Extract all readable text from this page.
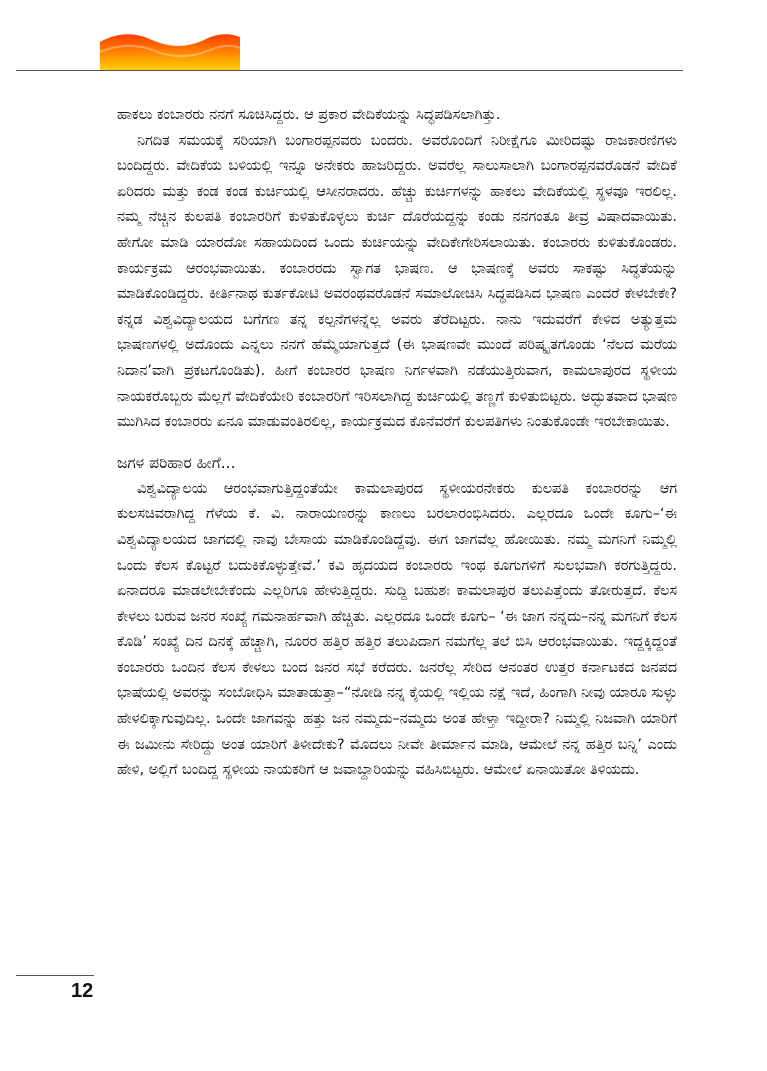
ಹಾಕಲು ಕಂಬಾರರು ನನಗೆ ಸೂಚಿಸಿದ್ದರು. ಆ ಪ್ರಕಾರ ವೇದಿಕೆಯನ್ನು ಸಿದ್ಧಪಡಿಸಲಾಗಿತ್ತು.

ನಿಗದಿತ ಸಮಯಕ್ಕೆ ಸರಿಯಾಗಿ ಬಂಗಾರಪ್ಪನವರು ಬಂದರು. ಅವರೊಂದಿಗೆ ನಿರೀಕ್ಷೆಗೂ ಮೀರಿದಷ್ಟು ರಾಜಕಾರಣಿಗಳು ಬಂದಿದ್ದರು. ವೇದಿಕೆಯ ಬಳಿಯಲ್ಲಿ ಇನ್ನೂ ಅನೇಕರು ಹಾಜರಿದ್ದರು. ಅವರೆಲ್ಲ ಸಾಲುಸಾಲಾಗಿ ಬಂಗಾರಪ್ಪನವರೊಡನೆ ವೇದಿಕೆ ಏರಿದರು ಮತ್ತು ಕಂಡ ಕಂಡ ಕುರ್ಚಿಯಲ್ಲಿ ಆಸೀನರಾದರು. ಹೆಚ್ಚು ಕುರ್ಚಿಗಳನ್ನು ಹಾಕಲು ವೇದಿಕೆಯಲ್ಲಿ ಸ್ಥಳವೂ ಇರಲಿಲ್ಲ. ನಮ್ಮ ನೆಚ್ಚಿನ ಕುಲಪತಿ ಕಂಬಾರರಿಗೆ ಕುಳಿತುಕೊಳ್ಳಲು ಕುರ್ಚಿ ದೊರೆಯದ್ದನ್ನು ಕಂಡು ನನಗಂತೂ ತೀವ್ರ ವಿಷಾದವಾಯಿತು. ಹೇಗೋ ಮಾಡಿ ಯಾರದೋ ಸಹಾಯದಿಂದ ಒಂದು ಕುರ್ಚಿಯನ್ನು ವೇದಿಕೇಗೇರಿಸಲಾಯಿತು. ಕಂಬಾರರು ಕುಳಿತುಕೊಂಡರು. ಕಾರ್ಯಕ್ರಮ ಆರಂಭವಾಯಿತು. ಕಂಬಾರರದು ಸ್ವಾಗತ ಭಾಷಣ. ಆ ಭಾಷಣಕ್ಕೆ ಅವರು ಸಾಕಷ್ಟು ಸಿದ್ಧತೆಯನ್ನು ಮಾಡಿಕೊಂಡಿದ್ದರು. ಕೀರ್ತಿನಾಥ ಕುರ್ತಕೋಟಿ ಅವರಂಥವರೊಡನೆ ಸಮಾಲೋಚಿಸಿ ಸಿದ್ಧಪಡಿಸಿದ ಭಾಷಣ ಎಂದರೆ ಕೇಳಬೇಕೇ? ಕನ್ನಡ ವಿಶ್ವವಿದ್ಯಾಲಯದ ಬಗೆಗಣ ತನ್ನ ಕಲ್ಪನೆಗಳನ್ನೆಲ್ಲ ಅವರು ತೆರೆದಿಟ್ಟರು. ನಾನು ಇದುವರೆಗೆ ಕೇಳಿದ ಅತ್ಯುತ್ತಮ ಭಾಷಣಗಳಲ್ಲಿ ಅದೊಂದು ಎನ್ನಲು ನನಗೆ ಹೆಮ್ಮೆಯಾಗುತ್ತದೆ (ಈ ಭಾಷಣವೇ ಮುಂದೆ ಪರಿಷ್ಕೃತಗೊಂಡು ‘ನೆಲದ ಮರೆಯ ನಿದಾನ’ವಾಗಿ ಪ್ರಕಟಗೊಂಡಿತು). ಹೀಗೆ ಕಂಬಾರರ ಭಾಷಣ ನಿರ್ಗಳವಾಗಿ ನಡೆಯುತ್ತಿರುವಾಗ, ಕಾಮಲಾಪುರದ ಸ್ಥಳೀಯ ನಾಯಕರೊಬ್ಬರು ಮೆಲ್ಲಗೆ ವೇದಿಕೆಯೇರಿ ಕಂಬಾರರಿಗೆ ಇರಿಸಲಾಗಿದ್ದ ಕುರ್ಚಿಯಲ್ಲಿ ತಣ್ಣಗೆ ಕುಳಿತುಬಿಟ್ಟರು. ಅದ್ಭುತವಾದ ಭಾಷಣ ಮುಗಿಸಿದ ಕಂಬಾರರು ಏನೂ ಮಾಡುವಂತಿರಲಿಲ್ಲ, ಕಾರ್ಯಕ್ರಮದ ಕೊನೆವರೆಗೆ ಕುಲಪತಿಗಳು ನಿಂತುಕೊಂಡೇ ಇರಬೇಕಾಯಿತು.

ಜಗಳ ಪರಿಹಾರ ಹೀಗೆ...

ವಿಶ್ವವಿದ್ಯಾಲಯ ಆರಂಭವಾಗುತ್ತಿದ್ದಂತೆಯೇ ಕಾಮಲಾಪುರದ ಸ್ಥಳೀಯರನೇಕರು ಕುಲಪತಿ ಕಂಬಾರರನ್ನು ಆಗ ಕುಲಸಚಿವರಾಗಿದ್ದ ಗೆಳೆಯ ಕೆ. ವಿ. ನಾರಾಯಣರನ್ನು ಕಾಣಲು ಬರಲಾರಂಭಿಸಿದರು. ಎಲ್ಲರದೂ ಒಂದೇ ಕೂಗು–‘ಈ ವಿಶ್ವವಿದ್ಯಾಲಯದ ಜಾಗದಲ್ಲಿ ನಾವು ಬೇಸಾಯ ಮಾಡಿಕೊಂಡಿದ್ದೆವು. ಈಗ ಜಾಗವೆಲ್ಲ ಹೋಯಿತು. ನಮ್ಮ ಮಗನಿಗೆ ನಿಮ್ಮಲ್ಲಿ ಒಂದು ಕೆಲಸ ಕೊಟ್ಟರೆ ಬದುಕಿಕೊಳ್ಳುತ್ತೇವೆ.’ ಕವಿ ಹೃದಯದ ಕಂಬಾರರು ಇಂಥ ಕೂಗುಗಳಿಗೆ ಸುಲಭವಾಗಿ ಕರಗುತ್ತಿದ್ದರು. ಏನಾದರೂ ಮಾಡಲೇಬೇಕೆಂದು ಎಲ್ಲರಿಗೂ ಹೇಳುತ್ತಿದ್ದರು. ಸುದ್ದಿ ಬಹುಶಃ ಕಾಮಲಾಪುರ ತಲುಪಿತ್ತೆಂದು ತೋರುತ್ತದೆ. ಕೆಲಸ ಕೇಳಲು ಬರುವ ಜನರ ಸಂಖ್ಯೆ ಗಮನಾರ್ಹವಾಗಿ ಹೆಚ್ಚಿತು. ಎಲ್ಲರದೂ ಒಂದೇ ಕೂಗು– ‘ಈ ಜಾಗ ನನ್ನದು–ನನ್ನ ಮಗನಿಗೆ ಕೆಲಸ ಕೊಡಿ’ ಸಂಖ್ಯೆ ದಿನ ದಿನಕ್ಕೆ ಹೆಚ್ಚಾಗಿ, ನೂರರ ಹತ್ತಿರ ಹತ್ತಿರ ತಲುಪಿದಾಗ ನಮಗೆಲ್ಲ ತಲೆ ಬಿಸಿ ಆರಂಭವಾಯಿತು. ಇದ್ದಕ್ಕಿದ್ದಂತೆ ಕಂಬಾರರು ಒಂದಿನ ಕೆಲಸ ಕೇಳಲು ಬಂದ ಜನರ ಸಭೆ ಕರೆದರು. ಜನರೆಲ್ಲ ಸೇರಿದ ಆನಂತರ ಉತ್ತರ ಕರ್ನಾಟಕದ ಜನಪದ ಭಾಷೆಯಲ್ಲಿ ಅವರನ್ನು ಸಂಬೋಧಿಸಿ ಮಾತಾಡುತ್ತಾ–“ನೋಡಿ ನನ್ನ ಕೈಯಲ್ಲಿ ಇಲ್ಲಿಯ ನಕ್ಷೆ ಇದೆ, ಹಿಂಗಾಗಿ ನೀವು ಯಾರೂ ಸುಳ್ಳು ಹೇಳಲಿಕ್ಕಾಗುವುದಿಲ್ಲ. ಒಂದೇ ಜಾಗವನ್ನು ಹತ್ತು ಜನ ನಮ್ಮದು–ನಮ್ಮದು ಅಂತ ಹೇಳ್ತಾ ಇದ್ದೀರಾ? ನಿಮ್ಮಲ್ಲಿ ನಿಜವಾಗಿ ಯಾರಿಗೆ ಈ ಜಮೀನು ಸೇರಿದ್ದು ಅಂತ ಯಾರಿಗೆ ತಿಳೀದೇಕು? ಮೊದಲು ನೀವೇ ತೀರ್ಮಾನ ಮಾಡಿ, ಆಮೇಲೆ ನನ್ನ ಹತ್ತಿರ ಬನ್ನಿ’ ಎಂದು ಹೇಳಿ, ಅಲ್ಲಿಗೆ ಬಂದಿದ್ದ ಸ್ಥಳೀಯ ನಾಯಕರಿಗೆ ಆ ಜವಾಬ್ದಾರಿಯನ್ನು ವಹಿಸಿಬಿಟ್ಟರು. ಆಮೇಲೆ ಏನಾಯಿತೋ ತಿಳಿಯದು.

12
